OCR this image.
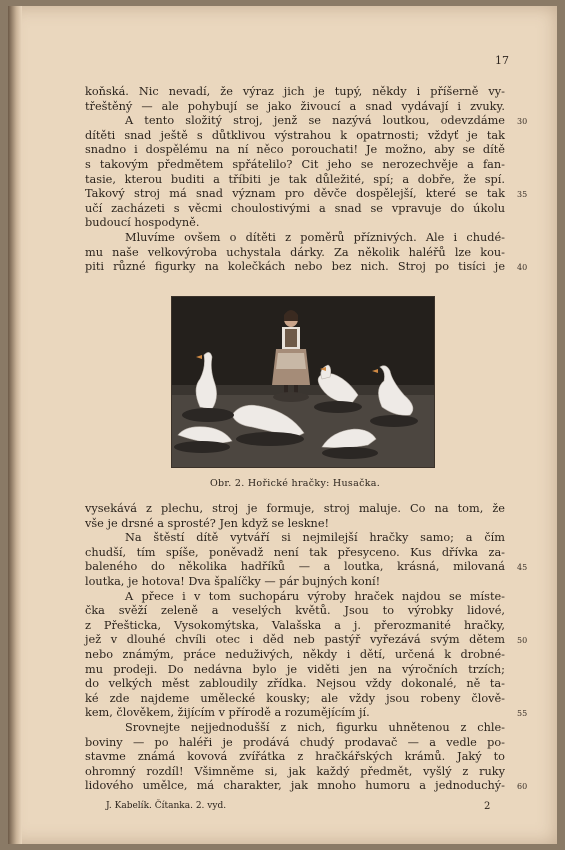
17
koňská. Nic nevadí, že výraz jich je tupý, někdy i příšerně vy-
třeštěný — ale pohybují se jako živoucí a snad vydávají i zvuky.
A tento složitý stroj, jenž se nazývá loutkou, odevzdáme 30
dítěti snad ještě s důtklivou výstrahou k opatrnosti; vždyť je tak
snadno i dospělému na ní něco porouchati! Je možno, aby se dítě
s takovým předmětem spřátelilo? Cit jeho se nerozechvěje a fan-
tasie, kterou buditi a tříbiti je tak důležité, spí; a dobře, že spí.
Takový stroj má snad význam pro děvče dospělejší, které se tak 35
učí zacházeti s věcmi choulostivými a snad se vpravuje do úkolu
budoucí hospodyně.
Mluvíme ovšem o dítěti z poměrů příznivých. Ale i chudé-
mu naše velkovýroba uchystala dárky. Za několik haléřů lze kou-
piti různé figurky na kolečkách nebo bez nich. Stroj po tisíci je 40
Obr. 2. Hořické hračky: Husačka.
vysekává z plechu, stroj je formuje, stroj maluje. Co na tom, že
vše je drsné a sprosté? Jen když se leskne!
Na štěstí dítě vytváří si nejmilejší hračky samo; a čím
chudší, tím spíše, poněvadž není tak přesyceno. Kus dřívka za-
baleného do několika hadříků — a loutka, krásná, milovaná 45
loutka, je hotova! Dva špalíčky — pár bujných koní!
A přece i v tom suchopáru výroby hraček najdou se míste-
čka svěží zeleně a veselých květů. Jsou to výrobky lidové,
z Přešticka, Vysokomýtska, Valašska a j. přerozmanité hračky,
jež v dlouhé chvíli otec i děd neb pastýř vyřezává svým dětem 50
nebo známým, práce neduživých, někdy i dětí, určená k drobné-
mu prodeji. Do nedávna bylo je viděti jen na výročních trzích;
do velkých měst zabloudily zřídka. Nejsou vždy dokonalé, ně ta-
ké zde najdeme umělecké kousky; ale vždy jsou robeny člově-
kem, člověkem, žijícím v přírodě a rozumějícím jí.	55
Srovnejte nejjednodušší z nich, figurku uhnětenou z chle-
boviny — po haléři je prodává chudý prodavač — a vedle po-
stavme známá kovová zvířátka z hračkářských krámů. Jaký to
ohromný rozdíl! Všimněme si, jak každý předmět, vyšlý z ruky
lidového umělce, má charakter, jak mnoho humoru a jednoduchý- 60
J. Kabelík. Čítanka. 2. vyd.	2
